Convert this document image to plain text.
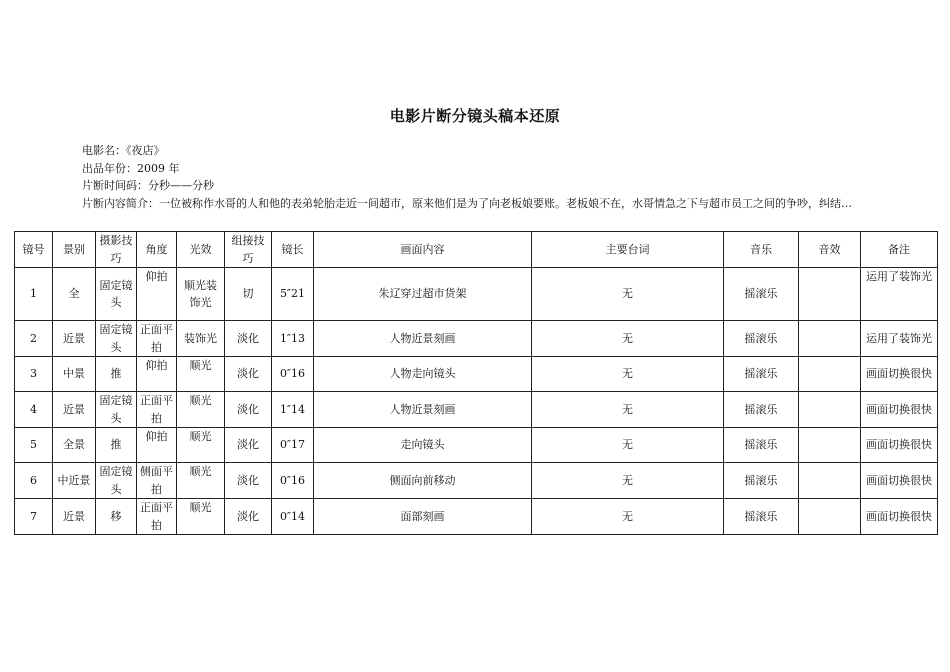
电影片断分镜头稿本还原
电影名：《夜店》
出品年份：2009 年
片断时间码：分秒——分秒
片断内容简介：一位被称作水哥的人和他的表弟轮胎走近一间超市，原来他们是为了向老板娘要账。老板娘不在，水哥情急之下与超市员工之间的争吵，纠结…
镜号	景别	摄影技巧	角度	光效	组接技巧	镜长	画面内容	主要台词	音乐	音效	备注
1	全	固定镜头	仰拍	顺光装饰光	切	5″21	朱辽穿过超市货架	无	摇滚乐		运用了装饰光
2	近景	固定镜头	正面平拍	装饰光	淡化	1″13	人物近景刻画	无	摇滚乐		运用了装饰光
3	中景	推	仰拍	顺光	淡化	0″16	人物走向镜头	无	摇滚乐		画面切换很快
4	近景	固定镜头	正面平拍	顺光	淡化	1″14	人物近景刻画	无	摇滚乐		画面切换很快
5	全景	推	仰拍	顺光	淡化	0″17	走向镜头	无	摇滚乐		画面切换很快
6	中近景	固定镜头	侧面平拍	顺光	淡化	0″16	侧面向前移动	无	摇滚乐		画面切换很快
7	近景	移	正面平拍	顺光	淡化	0″14	面部刻画	无	摇滚乐		画面切换很快
